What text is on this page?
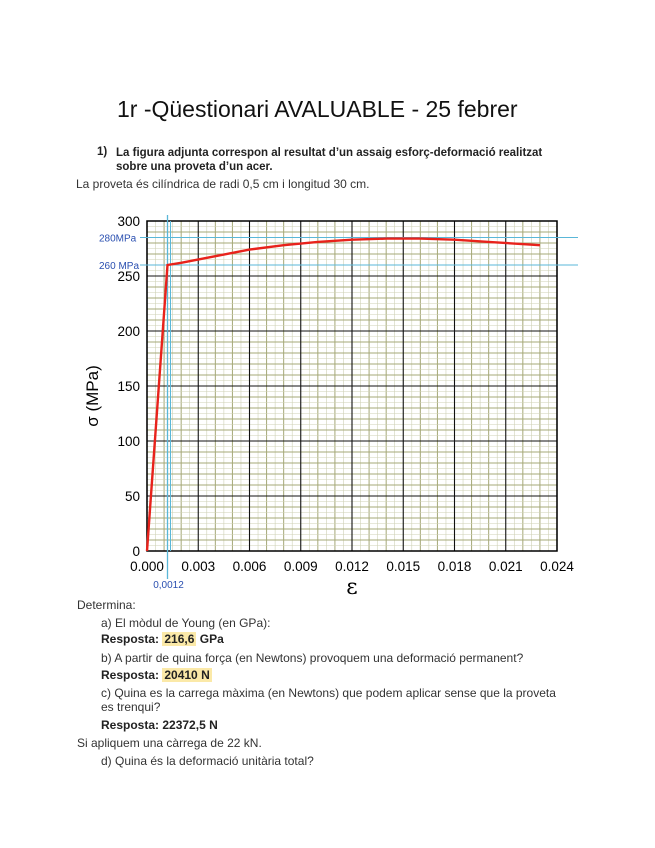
1r -Qüestionari AVALUABLE - 25 febrer
1) La figura adjunta correspon al resultat d’un assaig esforç-deformació realitzat sobre una proveta d’un acer.
La proveta és cilíndrica de radi 0,5 cm i longitud 30 cm.
0.000 0.003 0.006 0.009 0.012 0.015 0.018 0.021 0.024
0
50
100
150
200
250
300
280MPa
260 MPa
0,0012	ε
σ (MPa)
Determina:
a) El mòdul de Young (en GPa):
Resposta: 216,6 GPa
b) A partir de quina força (en Newtons) provoquem una deformació permanent?
Resposta: 20410 N
c) Quina es la carrega màxima (en Newtons) que podem aplicar sense que la proveta es trenqui?
Resposta: 22372,5 N
Si apliquem una càrrega de 22 kN.
d) Quina és la deformació unitària total?
